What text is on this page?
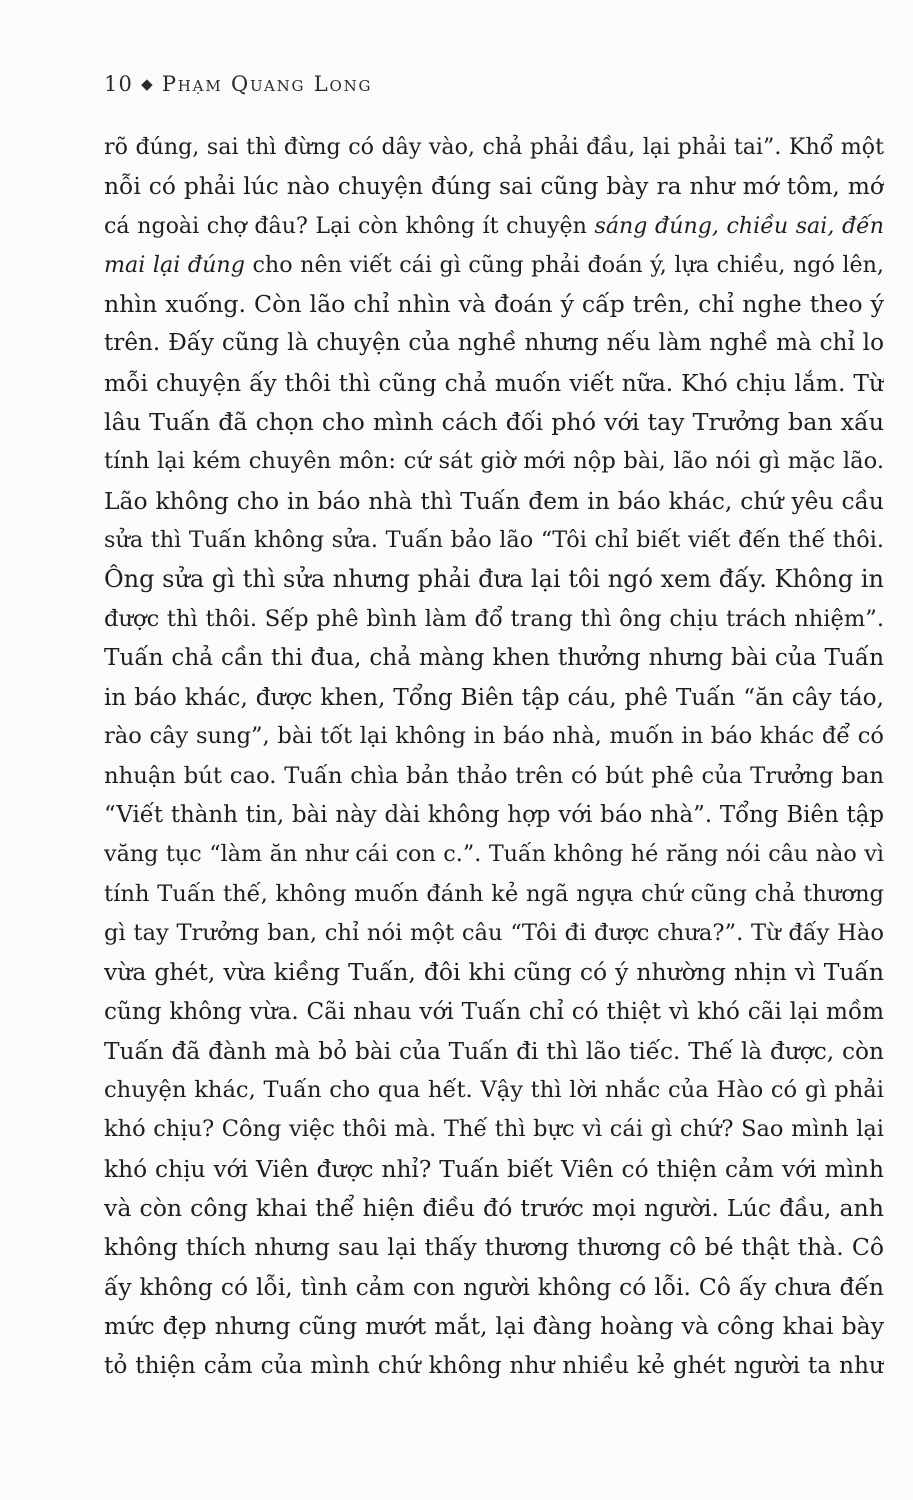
10 ◆ Phạm Quang Long
rõ đúng, sai thì đừng có dây vào, chả phải đầu, lại phải tai”. Khổ một
nỗi có phải lúc nào chuyện đúng sai cũng bày ra như mớ tôm, mớ
cá ngoài chợ đâu? Lại còn không ít chuyện sáng đúng, chiều sai, đến
mai lại đúng cho nên viết cái gì cũng phải đoán ý, lựa chiều, ngó lên,
nhìn xuống. Còn lão chỉ nhìn và đoán ý cấp trên, chỉ nghe theo ý
trên. Đấy cũng là chuyện của nghề nhưng nếu làm nghề mà chỉ lo
mỗi chuyện ấy thôi thì cũng chả muốn viết nữa. Khó chịu lắm. Từ
lâu Tuấn đã chọn cho mình cách đối phó với tay Trưởng ban xấu
tính lại kém chuyên môn: cứ sát giờ mới nộp bài, lão nói gì mặc lão.
Lão không cho in báo nhà thì Tuấn đem in báo khác, chứ yêu cầu
sửa thì Tuấn không sửa. Tuấn bảo lão “Tôi chỉ biết viết đến thế thôi.
Ông sửa gì thì sửa nhưng phải đưa lại tôi ngó xem đấy. Không in
được thì thôi. Sếp phê bình làm đổ trang thì ông chịu trách nhiệm”.
Tuấn chả cần thi đua, chả màng khen thưởng nhưng bài của Tuấn
in báo khác, được khen, Tổng Biên tập cáu, phê Tuấn “ăn cây táo,
rào cây sung”, bài tốt lại không in báo nhà, muốn in báo khác để có
nhuận bút cao. Tuấn chìa bản thảo trên có bút phê của Trưởng ban
“Viết thành tin, bài này dài không hợp với báo nhà”. Tổng Biên tập
văng tục “làm ăn như cái con c.”. Tuấn không hé răng nói câu nào vì
tính Tuấn thế, không muốn đánh kẻ ngã ngựa chứ cũng chả thương
gì tay Trưởng ban, chỉ nói một câu “Tôi đi được chưa?”. Từ đấy Hào
vừa ghét, vừa kiềng Tuấn, đôi khi cũng có ý nhường nhịn vì Tuấn
cũng không vừa. Cãi nhau với Tuấn chỉ có thiệt vì khó cãi lại mồm
Tuấn đã đành mà bỏ bài của Tuấn đi thì lão tiếc. Thế là được, còn
chuyện khác, Tuấn cho qua hết. Vậy thì lời nhắc của Hào có gì phải
khó chịu? Công việc thôi mà. Thế thì bực vì cái gì chứ? Sao mình lại
khó chịu với Viên được nhỉ? Tuấn biết Viên có thiện cảm với mình
và còn công khai thể hiện điều đó trước mọi người. Lúc đầu, anh
không thích nhưng sau lại thấy thương thương cô bé thật thà. Cô
ấy không có lỗi, tình cảm con người không có lỗi. Cô ấy chưa đến
mức đẹp nhưng cũng mướt mắt, lại đàng hoàng và công khai bày
tỏ thiện cảm của mình chứ không như nhiều kẻ ghét người ta như
